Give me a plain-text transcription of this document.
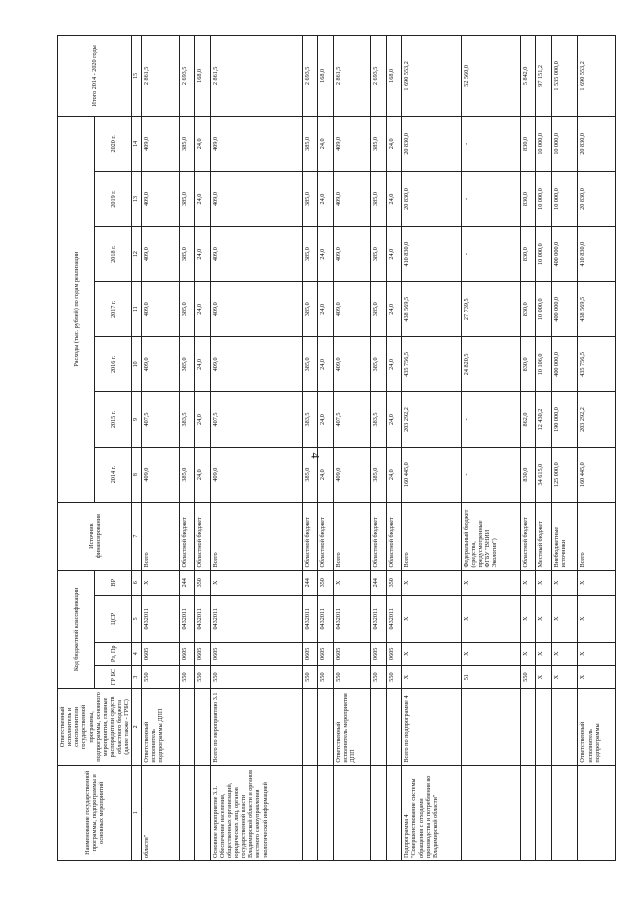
4
Наименование государственной программы, подпрограммы и основных мероприятий	Ответственный исполнитель и соисполнители государственной программы, подпрограммы, основного мероприятия, главные распорядители средств областного бюджета (далее также - ГРБС)	Код бюджетной классификации				Источник финансирования	Расходы (тыс. рублей) по годам реализации							Итого 2014 - 2020 годы
		ГР БС	Рз, Пр	ЦСР	ВР		2014 г.	2015 г.	2016 г.	2017 г.	2018 г.	2019 г.	2020 г.	
1	2	3	4	5	6	7	8	9	10	11	12	13	14	15
области"	Ответственный исполнитель подпрограммы ДПП	550	0605	0432011	Х	Всего	409,0	407,5	409,0	409,0	409,0	409,0	409,0	2 861,5
		550	0605	0432011	244	Областной бюджет	385,0	383,5	385,0	385,0	385,0	385,0	385,0	2 693,5
		550	0605	0432011	350	Областной бюджет	24,0	24,0	24,0	24,0	24,0	24,0	24,0	168,0
Основное мероприятие 3.1. Обеспечение населения, общественных организаций, юридических лиц, органов государственной власти Владимирской области и органов местного самоуправления экологической информацией	Всего по мероприятию 3.1	550	0605	0432011	Х	Всего	409,0	407,5	409,0	409,0	409,0	409,0	409,0	2 861,5
		550	0605	0432011	244	Областной бюджет	385,0	383,5	385,0	385,0	385,0	385,0	385,0	2 693,5
		550	0605	0432011	350	Областной бюджет	24,0	24,0	24,0	24,0	24,0	24,0	24,0	168,0
	Ответственный исполнитель мероприятия ДПП	550	0605	0432011	Х	Всего	409,0	407,5	409,0	409,0	409,0	409,0	409,0	2 861,5
		550	0605	0432011	244	Областной бюджет	385,0	383,5	385,0	385,0	385,0	385,0	385,0	2 693,5
		550	0605	0432011	350	Областной бюджет	24,0	24,0	24,0	24,0	24,0	24,0	24,0	168,0
Подпрограмма 4 "Совершенствование системы обращения с отходами производства и потребления во Владимирской области"	Всего по подпрограмме 4	Х	Х	Х	Х	Всего	160 445,0	203 292,2	435 756,5	438 569,5	410 830,0	20 830,0	20 830,0	1 690 553,2
		51	Х	Х	Х	Федеральный бюджет (средства, предусмотренные ФГБУ "ВНИИ Экология")	-	-	24 820,5	27 739,5	-	-	-	52 560,0
		550	Х	Х	Х	Областной бюджет	830,0	862,0	830,0	830,0	830,0	830,0	830,0	5 842,0
		Х	Х	Х	Х	Местный бюджет	34 615,0	12 430,2	10 106,0	10 000,0	10 000,0	10 000,0	10 000,0	97 151,2
		Х	Х	Х	Х	Внебюджетные источники	125 000,0	190 000,0	400 000,0	400 000,0	400 000,0	10 000,0	10 000,0	1 535 000,0
	Ответственный исполнитель подпрограммы	Х	Х	Х	Х	Всего	160 445,0	203 292,2	435 756,5	438 569,5	410 830,0	20 830,0	20 830,0	1 690 553,2
